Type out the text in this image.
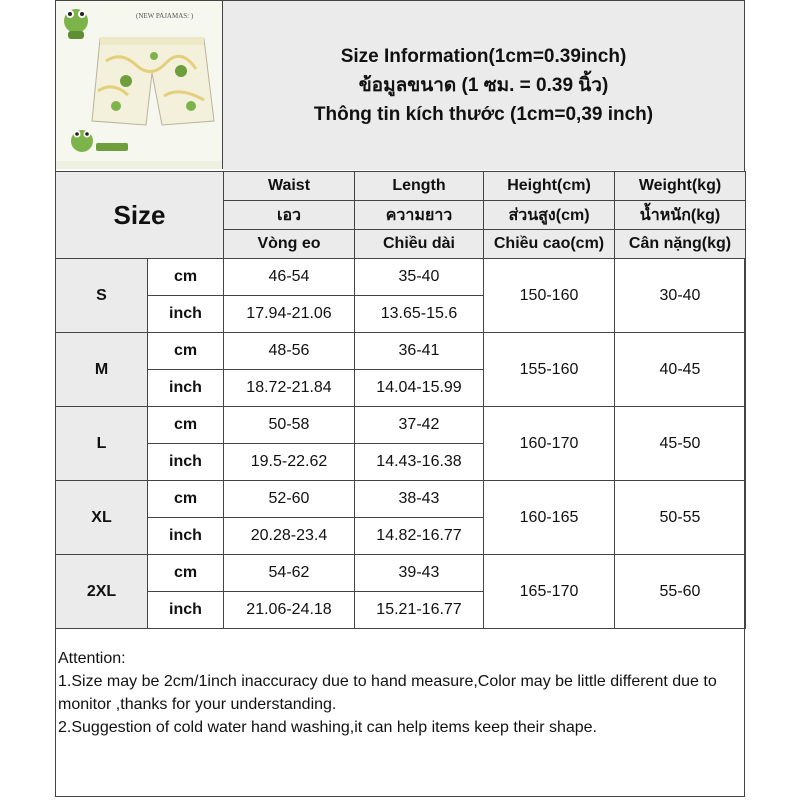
(NEW PAJAMAS: )
Size Information(1cm=0.39inch)
ข้อมูลขนาด (1 ซม. = 0.39 นิ้ว)
Thông tin kích thước (1cm=0,39 inch)
Size		Waist	Length	Height(cm)	Weight(kg)
		เอว	ความยาว	ส่วนสูง(cm)	น้ำหนัก(kg)
		Vòng eo	Chiều dài	Chiều cao(cm)	Cân nặng(kg)
S	cm	46-54	35-40	150-160	30-40
	inch	17.94-21.06	13.65-15.6		
M	cm	48-56	36-41	155-160	40-45
	inch	18.72-21.84	14.04-15.99		
L	cm	50-58	37-42	160-170	45-50
	inch	19.5-22.62	14.43-16.38		
XL	cm	52-60	38-43	160-165	50-55
	inch	20.28-23.4	14.82-16.77		
2XL	cm	54-62	39-43	165-170	55-60
	inch	21.06-24.18	15.21-16.77		
Attention:
1.Size may be 2cm/1inch inaccuracy due to hand measure,Color may be little different due to monitor ,thanks for your understanding.
2.Suggestion of cold water hand washing,it can help items keep their shape.
